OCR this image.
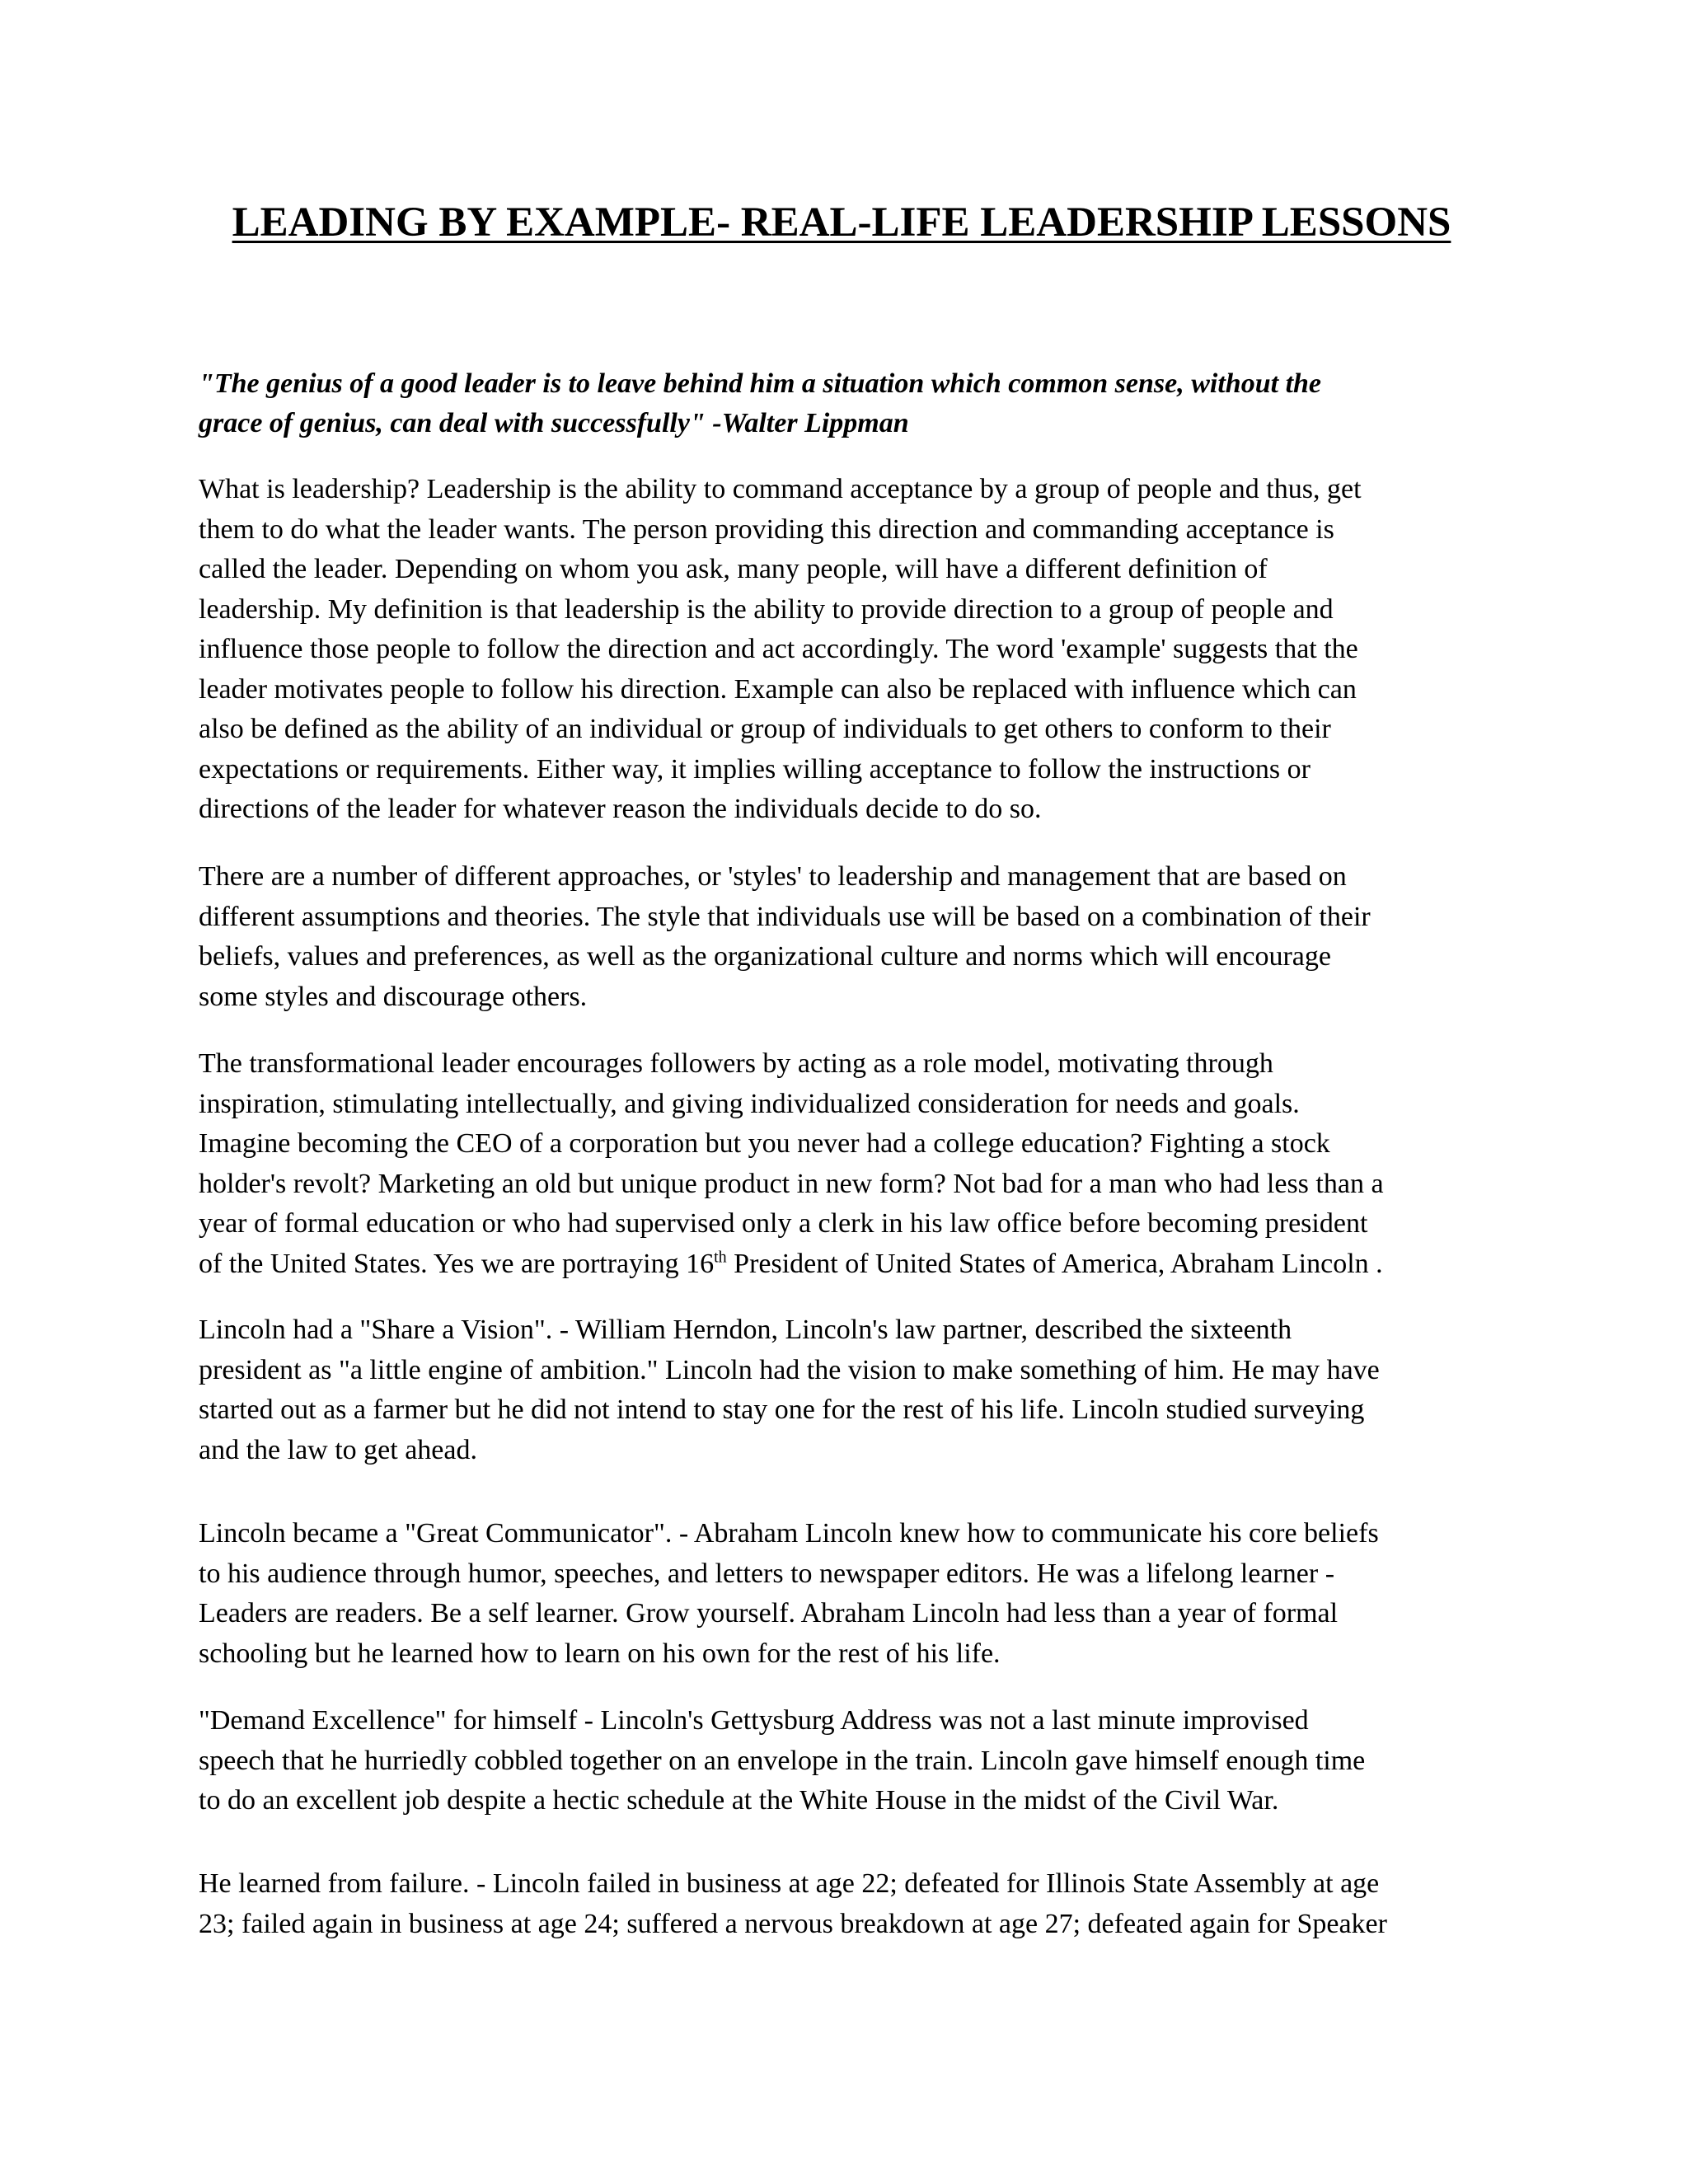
LEADING BY EXAMPLE- REAL-LIFE LEADERSHIP LESSONS

"The genius of a good leader is to leave behind him a situation which common sense, without the
grace of genius, can deal with successfully" -Walter Lippman

What is leadership? Leadership is the ability to command acceptance by a group of people and thus, get
them to do what the leader wants. The person providing this direction and commanding acceptance is
called the leader. Depending on whom you ask, many people, will have a different definition of
leadership. My definition is that leadership is the ability to provide direction to a group of people and
influence those people to follow the direction and act accordingly. The word 'example' suggests that the
leader motivates people to follow his direction. Example can also be replaced with influence which can
also be defined as the ability of an individual or group of individuals to get others to conform to their
expectations or requirements. Either way, it implies willing acceptance to follow the instructions or
directions of the leader for whatever reason the individuals decide to do so.

There are a number of different approaches, or 'styles' to leadership and management that are based on
different assumptions and theories. The style that individuals use will be based on a combination of their
beliefs, values and preferences, as well as the organizational culture and norms which will encourage
some styles and discourage others.

The transformational leader encourages followers by acting as a role model, motivating through
inspiration, stimulating intellectually, and giving individualized consideration for needs and goals.
Imagine becoming the CEO of a corporation but you never had a college education? Fighting a stock
holder's revolt? Marketing an old but unique product in new form? Not bad for a man who had less than a
year of formal education or who had supervised only a clerk in his law office before becoming president
of the United States. Yes we are portraying 16th President of United States of America, Abraham Lincoln .

Lincoln had a "Share a Vision". - William Herndon, Lincoln's law partner, described the sixteenth
president as "a little engine of ambition." Lincoln had the vision to make something of him. He may have
started out as a farmer but he did not intend to stay one for the rest of his life. Lincoln studied surveying
and the law to get ahead.

Lincoln became a "Great Communicator". - Abraham Lincoln knew how to communicate his core beliefs
to his audience through humor, speeches, and letters to newspaper editors. He was a lifelong learner -
Leaders are readers. Be a self learner. Grow yourself. Abraham Lincoln had less than a year of formal
schooling but he learned how to learn on his own for the rest of his life.

"Demand Excellence" for himself - Lincoln's Gettysburg Address was not a last minute improvised
speech that he hurriedly cobbled together on an envelope in the train. Lincoln gave himself enough time
to do an excellent job despite a hectic schedule at the White House in the midst of the Civil War.

He learned from failure. - Lincoln failed in business at age 22; defeated for Illinois State Assembly at age
23; failed again in business at age 24; suffered a nervous breakdown at age 27; defeated again for Speaker
